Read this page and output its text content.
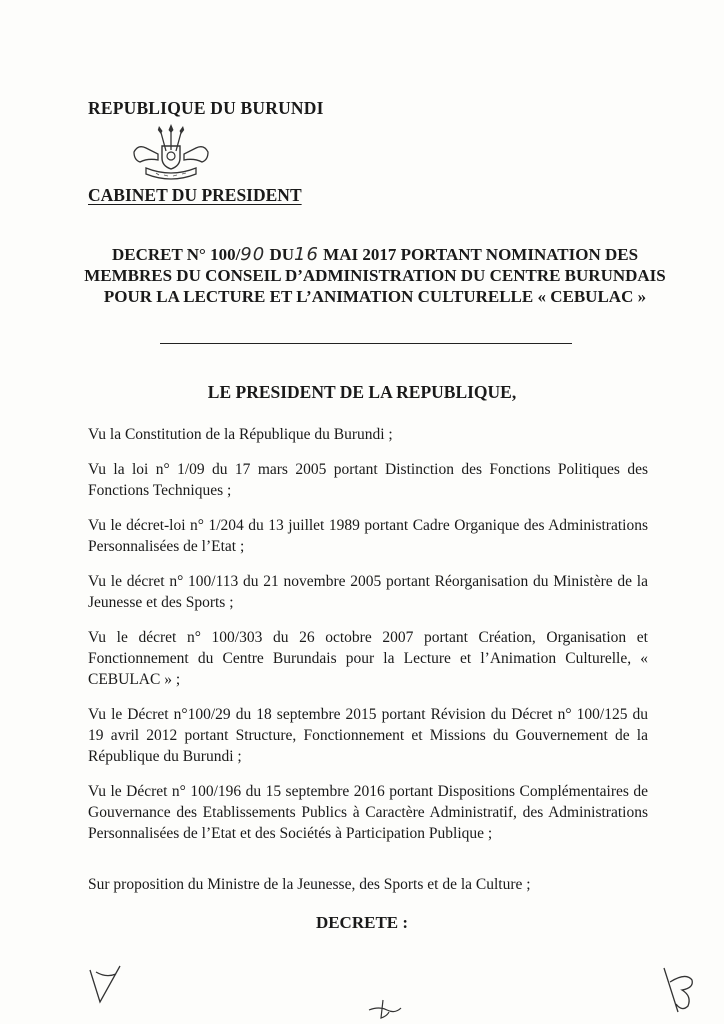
REPUBLIQUE DU BURUNDI
CABINET DU PRESIDENT
DECRET N° 100/90 DU16 MAI 2017 PORTANT NOMINATION DES MEMBRES DU CONSEIL D’ADMINISTRATION DU CENTRE BURUNDAIS POUR LA LECTURE ET L’ANIMATION CULTURELLE « CEBULAC »
LE PRESIDENT DE LA REPUBLIQUE,
Vu la Constitution de la République du Burundi ;
Vu la loi n° 1/09 du 17 mars 2005 portant Distinction des Fonctions Politiques des Fonctions Techniques ;
Vu le décret-loi n° 1/204 du 13 juillet 1989 portant Cadre Organique des Administrations Personnalisées de l’Etat ;
Vu le décret n° 100/113 du 21 novembre 2005 portant Réorganisation du Ministère de la Jeunesse et des Sports ;
Vu le décret n° 100/303 du 26 octobre 2007 portant Création, Organisation et Fonctionnement du Centre Burundais pour la Lecture et l’Animation Culturelle, « CEBULAC » ;
Vu le Décret n°100/29 du 18 septembre 2015 portant Révision du Décret n° 100/125 du 19 avril 2012 portant Structure, Fonctionnement et Missions du Gouvernement de la République du Burundi ;
Vu le Décret n° 100/196 du 15 septembre 2016 portant Dispositions Complémentaires de Gouvernance des Etablissements Publics à Caractère Administratif, des Administrations Personnalisées de l’Etat et des Sociétés à Participation Publique ;
Sur proposition du Ministre de la Jeunesse, des Sports et de la Culture ;
DECRETE :
